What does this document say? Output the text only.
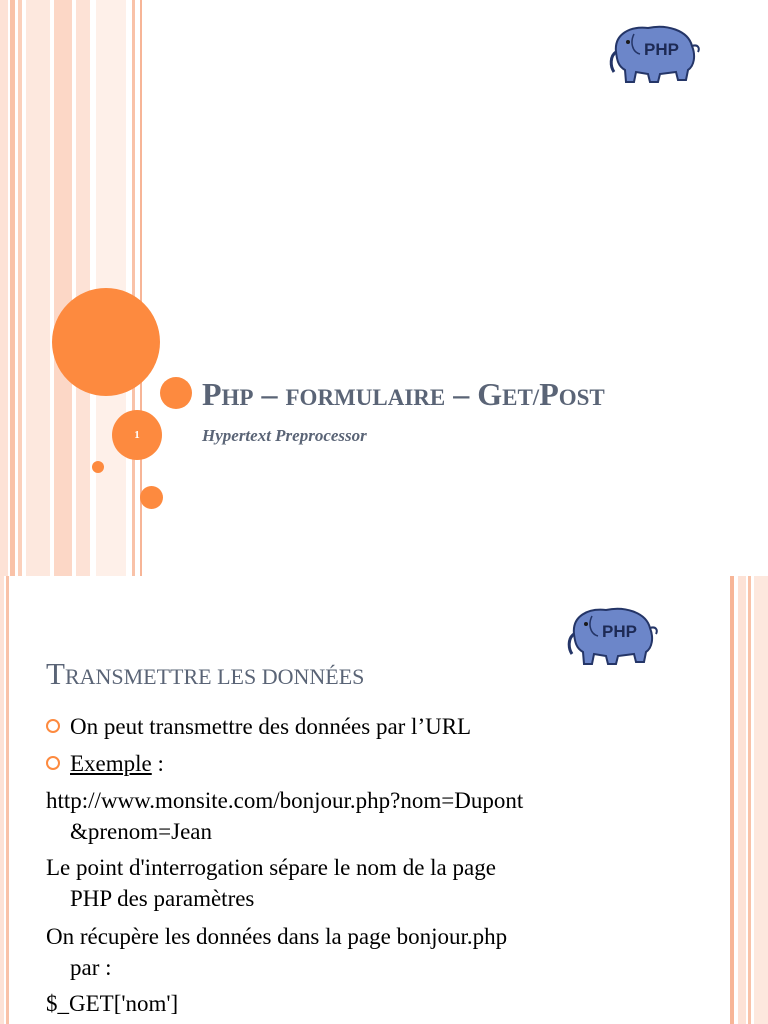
PHP
1
PHP – FORMULAIRE – GET/POST
Hypertext Preprocessor
PHP
TRANSMETTRE LES DONNÉES
On peut transmettre des données par l’URL
Exemple :
http://www.monsite.com/bonjour.php?nom=Dupont
&prenom=Jean
Le point d'interrogation sépare le nom de la page
PHP des paramètres
On récupère les données dans la page bonjour.php
par :
$_GET['nom']
